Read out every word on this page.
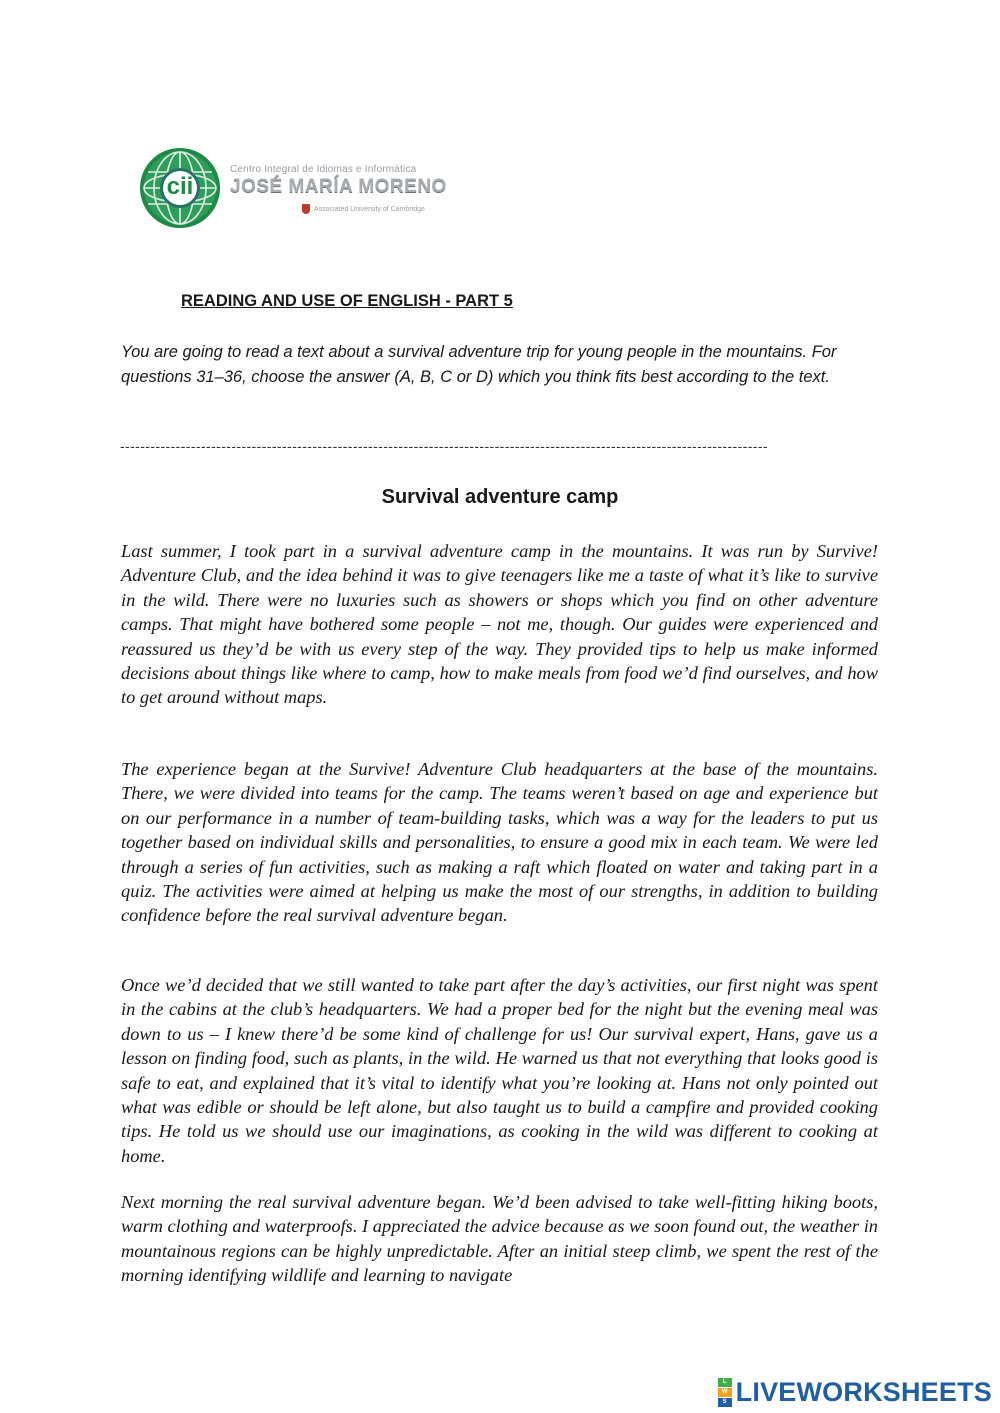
cii
Centro Integral de Idiomas e Informática
JOSÉ MARÍA MORENO
Associated University of Cambridge
READING AND USE OF ENGLISH - PART 5

You are going to read a text about a survival adventure trip for young people in the mountains. For questions 31–36, choose the answer (A, B, C or D) which you think fits best according to the text.

--------------------------------------------------------------------------------------------------------------------------------
Survival adventure camp

Last summer, I took part in a survival adventure camp in the mountains. It was run by Survive! Adventure Club, and the idea behind it was to give teenagers like me a taste of what it’s like to survive in the wild. There were no luxuries such as showers or shops which you find on other adventure camps. That might have bothered some people – not me, though. Our guides were experienced and reassured us they’d be with us every step of the way. They provided tips to help us make informed decisions about things like where to camp, how to make meals from food we’d find ourselves, and how to get around without maps.

The experience began at the Survive! Adventure Club headquarters at the base of the mountains. There, we were divided into teams for the camp. The teams weren’t based on age and experience but on our performance in a number of team-building tasks, which was a way for the leaders to put us together based on individual skills and personalities, to ensure a good mix in each team. We were led through a series of fun activities, such as making a raft which floated on water and taking part in a quiz. The activities were aimed at helping us make the most of our strengths, in addition to building confidence before the real survival adventure began.

Once we’d decided that we still wanted to take part after the day’s activities, our first night was spent in the cabins at the club’s headquarters. We had a proper bed for the night but the evening meal was down to us – I knew there’d be some kind of challenge for us! Our survival expert, Hans, gave us a lesson on finding food, such as plants, in the wild. He warned us that not everything that looks good is safe to eat, and explained that it’s vital to identify what you’re looking at. Hans not only pointed out what was edible or should be left alone, but also taught us to build a campfire and provided cooking tips. He told us we should use our imaginations, as cooking in the wild was different to cooking at home.

Next morning the real survival adventure began. We’d been advised to take well-fitting hiking boots, warm clothing and waterproofs. I appreciated the advice because as we soon found out, the weather in mountainous regions can be highly unpredictable. After an initial steep climb, we spent the rest of the morning identifying wildlife and learning to navigate

L
W
S LIVEWORKSHEETS
